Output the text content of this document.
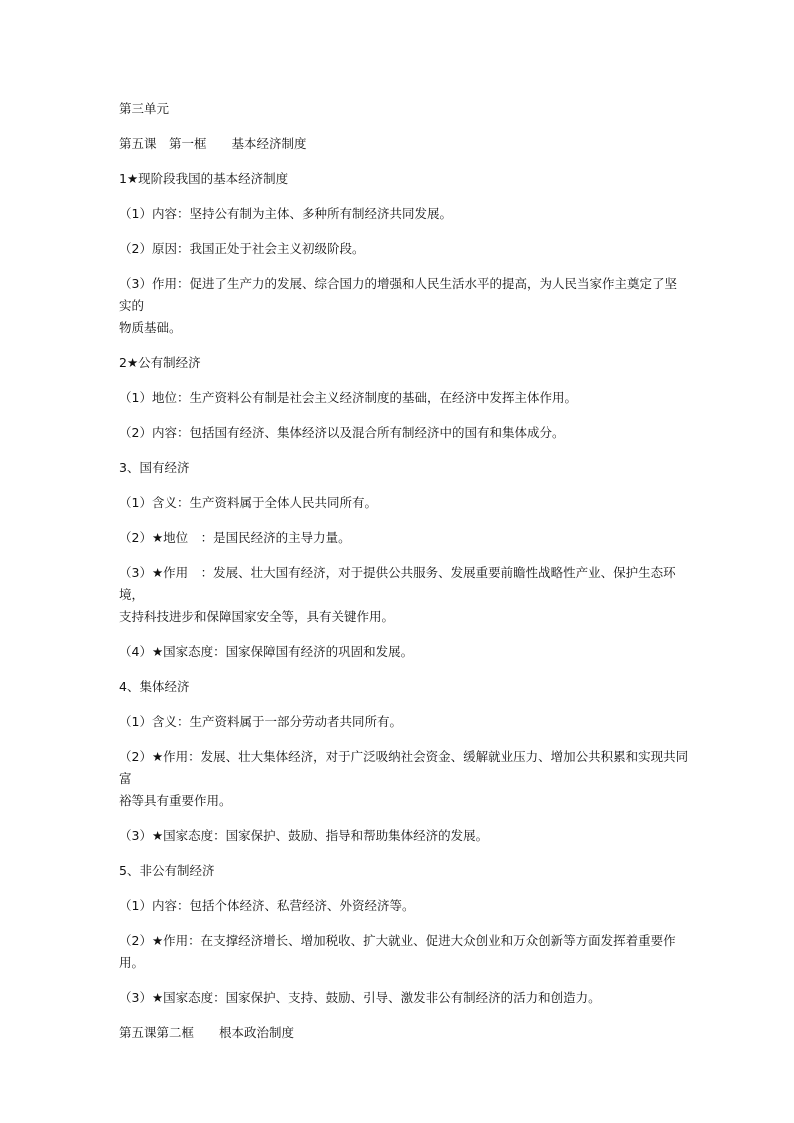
第三单元
第五课　第一框　　基本经济制度
1★现阶段我国的基本经济制度
（1）内容：坚持公有制为主体、多种所有制经济共同发展。
（2）原因：我国正处于社会主义初级阶段。
（3）作用：促进了生产力的发展、综合国力的增强和人民生活水平的提高，为人民当家作主奠定了坚实的
物质基础。
2★公有制经济
（1）地位：生产资料公有制是社会主义经济制度的基础，在经济中发挥主体作用。
（2）内容：包括国有经济、集体经济以及混合所有制经济中的国有和集体成分。
3、国有经济
（1）含义：生产资料属于全体人民共同所有。
（2）★地位　：是国民经济的主导力量。
（3）★作用　：发展、壮大国有经济，对于提供公共服务、发展重要前瞻性战略性产业、保护生态环境，
支持科技进步和保障国家安全等，具有关键作用。
（4）★国家态度：国家保障国有经济的巩固和发展。
4、集体经济
（1）含义：生产资料属于一部分劳动者共同所有。
（2）★作用：发展、壮大集体经济，对于广泛吸纳社会资金、缓解就业压力、增加公共积累和实现共同富
裕等具有重要作用。
（3）★国家态度：国家保护、鼓励、指导和帮助集体经济的发展。
5、非公有制经济
（1）内容：包括个体经济、私营经济、外资经济等。
（2）★作用：在支撑经济增长、增加税收、扩大就业、促进大众创业和万众创新等方面发挥着重要作用。
（3）★国家态度：国家保护、支持、鼓励、引导、激发非公有制经济的活力和创造力。
第五课第二框　　根本政治制度
